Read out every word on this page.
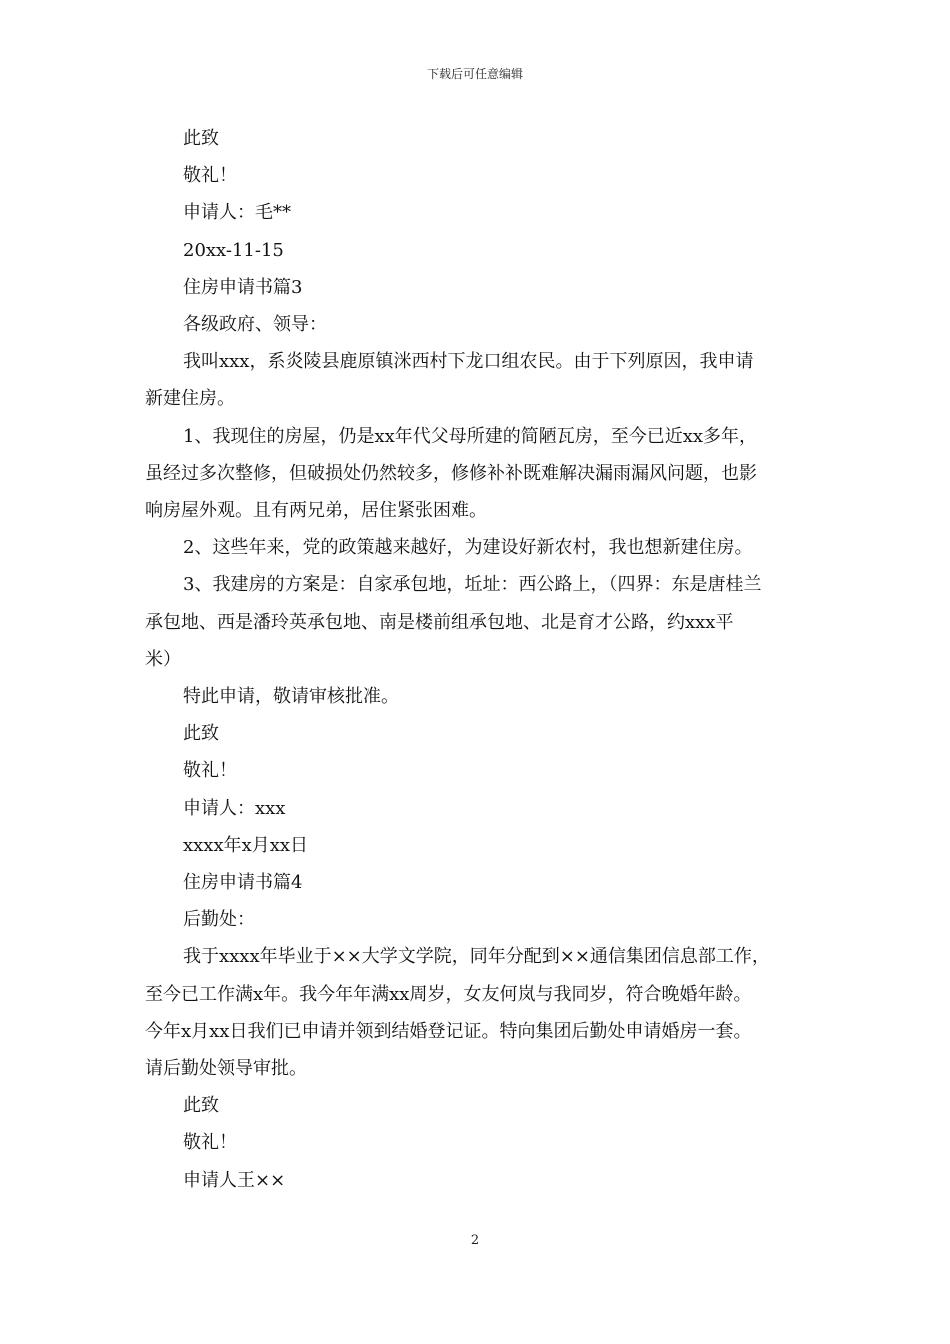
下载后可任意编辑
此致
敬礼！
申请人：毛**
20xx-11-15
住房申请书篇3
各级政府、领导：
我叫xxx，系炎陵县鹿原镇洣西村下龙口组农民。由于下列原因，我申请
新建住房。
1、我现住的房屋，仍是xx年代父母所建的简陋瓦房，至今已近xx多年，
虽经过多次整修，但破损处仍然较多，修修补补既难解决漏雨漏风问题，也影
响房屋外观。且有两兄弟，居住紧张困难。
2、这些年来，党的政策越来越好，为建设好新农村，我也想新建住房。
3、我建房的方案是：自家承包地，坵址：西公路上，（四界：东是唐桂兰
承包地、西是潘玲英承包地、南是楼前组承包地、北是育才公路，约xxx平
米）
特此申请，敬请审核批准。
此致
敬礼！
申请人：xxx
xxxx年x月xx日
住房申请书篇4
后勤处：
我于xxxx年毕业于××大学文学院，同年分配到××通信集团信息部工作，
至今已工作满x年。我今年年满xx周岁，女友何岚与我同岁，符合晚婚年龄。
今年x月xx日我们已申请并领到结婚登记证。特向集团后勤处申请婚房一套。
请后勤处领导审批。
此致
敬礼！
申请人王××
2
